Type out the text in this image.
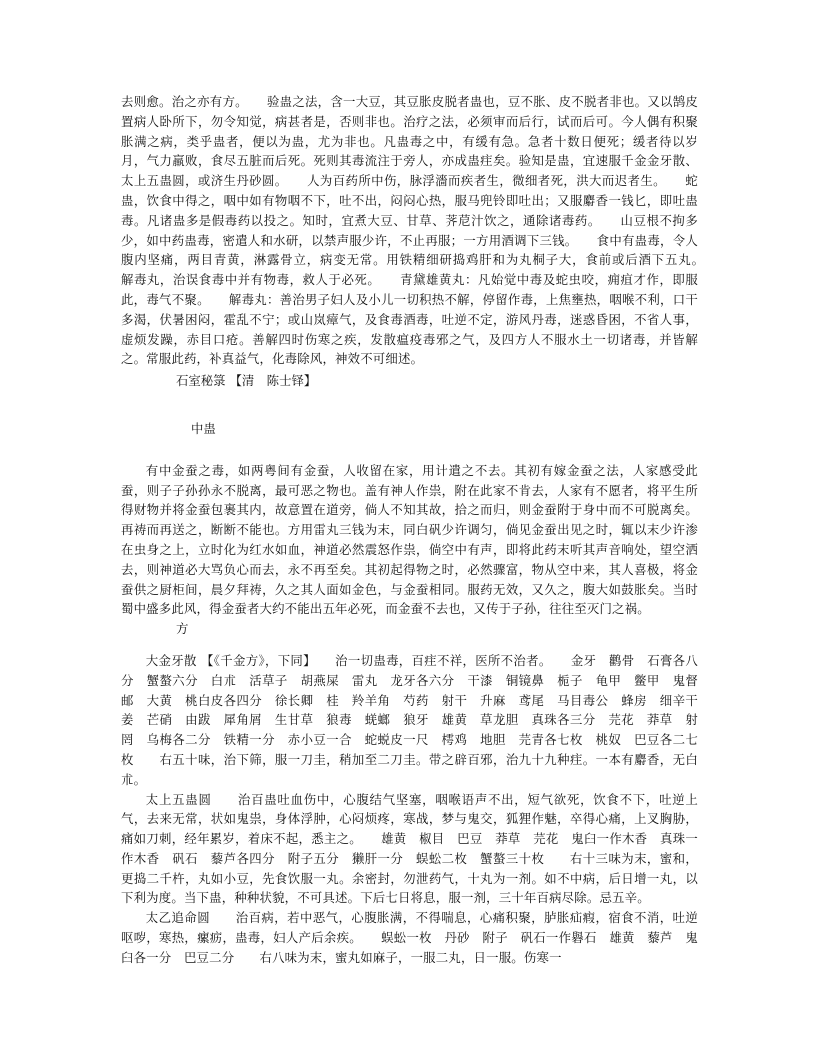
去则愈。治之亦有方。　　验蛊之法，含一大豆，其豆胀皮脱者蛊也，豆不胀、皮不脱者非也。又以鹄皮置病人卧所下，勿令知觉，病甚者是，否则非也。治疗之法，必须审而后行，试而后可。今人偶有积聚胀满之病，类乎蛊者，便以为蛊，尤为非也。凡蛊毒之中，有缓有急。急者十数日便死；缓者待以岁月，气力羸败，食尽五脏而后死。死则其毒流注于旁人，亦成蛊疰矣。验知是蛊，宜速服千金金牙散、太上五蛊圆，或济生丹砂圆。　　人为百药所中伤，脉浮濇而疾者生，微细者死，洪大而迟者生。　　蛇蛊，饮食中得之，咽中如有物咽不下，吐不出，闷闷心热，服马兜铃即吐出；又服麝香一钱匕，即吐蛊毒。凡诸蛊多是假毒药以投之。知时，宜煮大豆、甘草、荠苨汁饮之，通除诸毒药。　　山豆根不拘多少，如中药蛊毒，密遣人和水研，以禁声服少许，不止再服；一方用酒调下三钱。　　食中有蛊毒，令人腹内坚痛，两目青黄，淋露骨立，病变无常。用铁精细研捣鸡肝和为丸桐子大，食前或后酒下五丸。　　解毒丸，治误食毒中并有物毒，救人于必死。　　青黛雄黄丸：凡始觉中毒及蛇虫咬，痈疽才作，即服此，毒气不聚。　　解毒丸：善治男子妇人及小儿一切积热不解，停留作毒，上焦壅热，咽喉不利，口干多渴，伏暑困闷，霍乱不宁；或山岚瘴气，及食毒酒毒，吐逆不定，游风丹毒，迷惑昏困，不省人事，虚烦发躁，赤目口疮。善解四时伤寒之疾，发散瘟疫毒邪之气，及四方人不服水土一切诸毒，并皆解之。常服此药，补真益气，化毒除风，神效不可细述。

石室秘箓 【清　陈士铎】

中蛊

有中金蚕之毒，如两粤间有金蚕，人收留在家，用计遣之不去。其初有嫁金蚕之法，人家感受此蚕，则子子孙孙永不脱离，最可恶之物也。盖有神人作祟，附在此家不肯去，人家有不愿者，将平生所得财物并将金蚕包裹其内，故意置在道旁，倘人不知其故，拾之而归，则金蚕附于身中而不可脱离矣。再祷而再送之，断断不能也。方用雷丸三钱为末，同白矾少许调匀，倘见金蚕出见之时，辄以末少许渗在虫身之上，立时化为红水如血，神道必然震怒作祟，倘空中有声，即将此药末听其声音响处，望空洒去，则神道必大骂负心而去，永不再至矣。其初起得物之时，必然骤富，物从空中来，其人喜极，将金蚕供之厨柜间，晨夕拜祷，久之其人面如金色，与金蚕相同。服药无效，又久之，腹大如鼓胀矣。当时蜀中盛多此风，得金蚕者大约不能出五年必死，而金蚕不去也，又传于子孙，往往至灭门之祸。

方

大金牙散 【《千金方》，下同】　　治一切蛊毒，百疰不祥，医所不治者。　　金牙　鹳骨　石膏各八分　蟹螯六分　白朮　活草子　胡燕屎　雷丸　龙牙各六分　干漆　铜镜鼻　栀子　龟甲　鳖甲　鬼督邮　大黄　桃白皮各四分　徐长卿　桂　羚羊角　芍药　射干　升麻　鸢尾　马目毒公　蜂房　细辛干姜　芒硝　由跋　犀角屑　生甘草　狼毒　蜣螂　狼牙　雄黄　草龙胆　真珠各三分　芫花　莽草　射罔　乌梅各二分　铁精一分　赤小豆一合　蛇蜕皮一尺　樗鸡　地胆　芫青各七枚　桃奴　巴豆各二七枚　　右五十味，治下筛，服一刀圭，稍加至二刀圭。带之辟百邪，治九十九种疰。一本有麝香，无白朮。

太上五蛊圆　　治百蛊吐血伤中，心腹结气坚塞，咽喉语声不出，短气欲死，饮食不下，吐逆上气，去来无常，状如鬼祟，身体浮肿，心闷烦疼，寒战，梦与鬼交，狐狸作魅，卒得心痛，上叉胸胁，痛如刀刺，经年累岁，着床不起，悉主之。　　雄黄　椒目　巴豆　莽草　芫花　鬼臼一作木香　真珠一作木香　矾石　藜芦各四分　附子五分　獭肝一分　蜈蚣二枚　蟹螯三十枚　　右十三味为末，蜜和，更捣二千杵，丸如小豆，先食饮服一丸。余密封，勿泄药气，十丸为一剂。如不中病，后日增一丸，以下利为度。当下蛊，种种状貌，不可具述。下后七日将息，服一剂，三十年百病尽除。忌五辛。

太乙追命圆　　治百病，若中恶气，心腹胀满，不得喘息，心痛积聚，胪胀疝瘕，宿食不消，吐逆呕哕，寒热，瘰疬，蛊毒，妇人产后余疾。　　蜈蚣一枚　丹砂　附子　矾石一作礜石　雄黄　藜芦　鬼臼各一分　巴豆二分　　右八味为末，蜜丸如麻子，一服二丸，日一服。伤寒一
